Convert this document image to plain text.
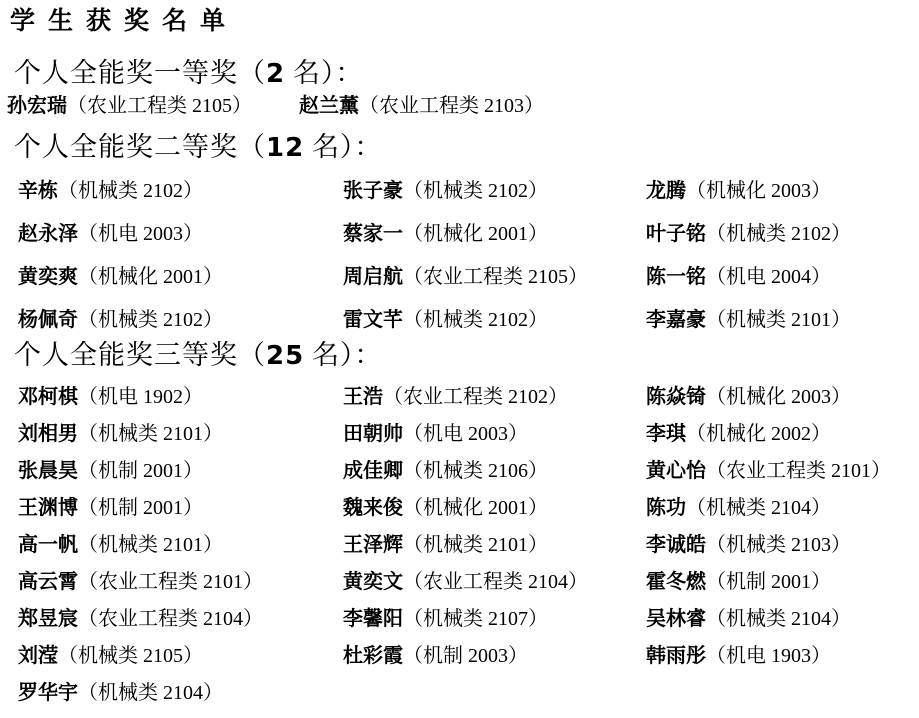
学生获奖名单
个人全能奖一等奖（2 名）：
孙宏瑞（农业工程类 2105） 赵兰薰（农业工程类 2103）
个人全能奖二等奖（12 名）：
辛栋 （机械类 2102）	张子豪 （机械类 2102）	龙腾 （机械化 2003）
赵永泽 （机电 2003）	蔡家一 （机械化 2001）	叶子铭 （机械类 2102）
黄奕爽 （机械化 2001）	周启航 （农业工程类 2105）	陈一铭 （机电 2004）
杨佩奇 （机械类 2102）	雷文芊 （机械类 2102）	李嘉豪 （机械类 2101）
个人全能奖三等奖（25 名）：
邓柯棋 （机电 1902）	王浩 （农业工程类 2102）	陈焱锜 （机械化 2003）
刘相男 （机械类 2101）	田朝帅 （机电 2003）	李琪 （机械化 2002）
张晨昊 （机制 2001）	成佳卿 （机械类 2106）	黄心怡 （农业工程类 2101）
王渊博 （机制 2001）	魏来俊 （机械化 2001）	陈功 （机械类 2104）
高一帆 （机械类 2101）	王泽辉 （机械类 2101）	李诚皓 （机械类 2103）
高云霄 （农业工程类 2101）	黄奕文 （农业工程类 2104）	霍冬燃 （机制 2001）
郑昱宸 （农业工程类 2104）	李馨阳 （机械类 2107）	吴林睿 （机械类 2104）
刘滢 （机械类 2105）	杜彩霞 （机制 2003）	韩雨彤 （机电 1903）
罗华宇 （机械类 2104）
